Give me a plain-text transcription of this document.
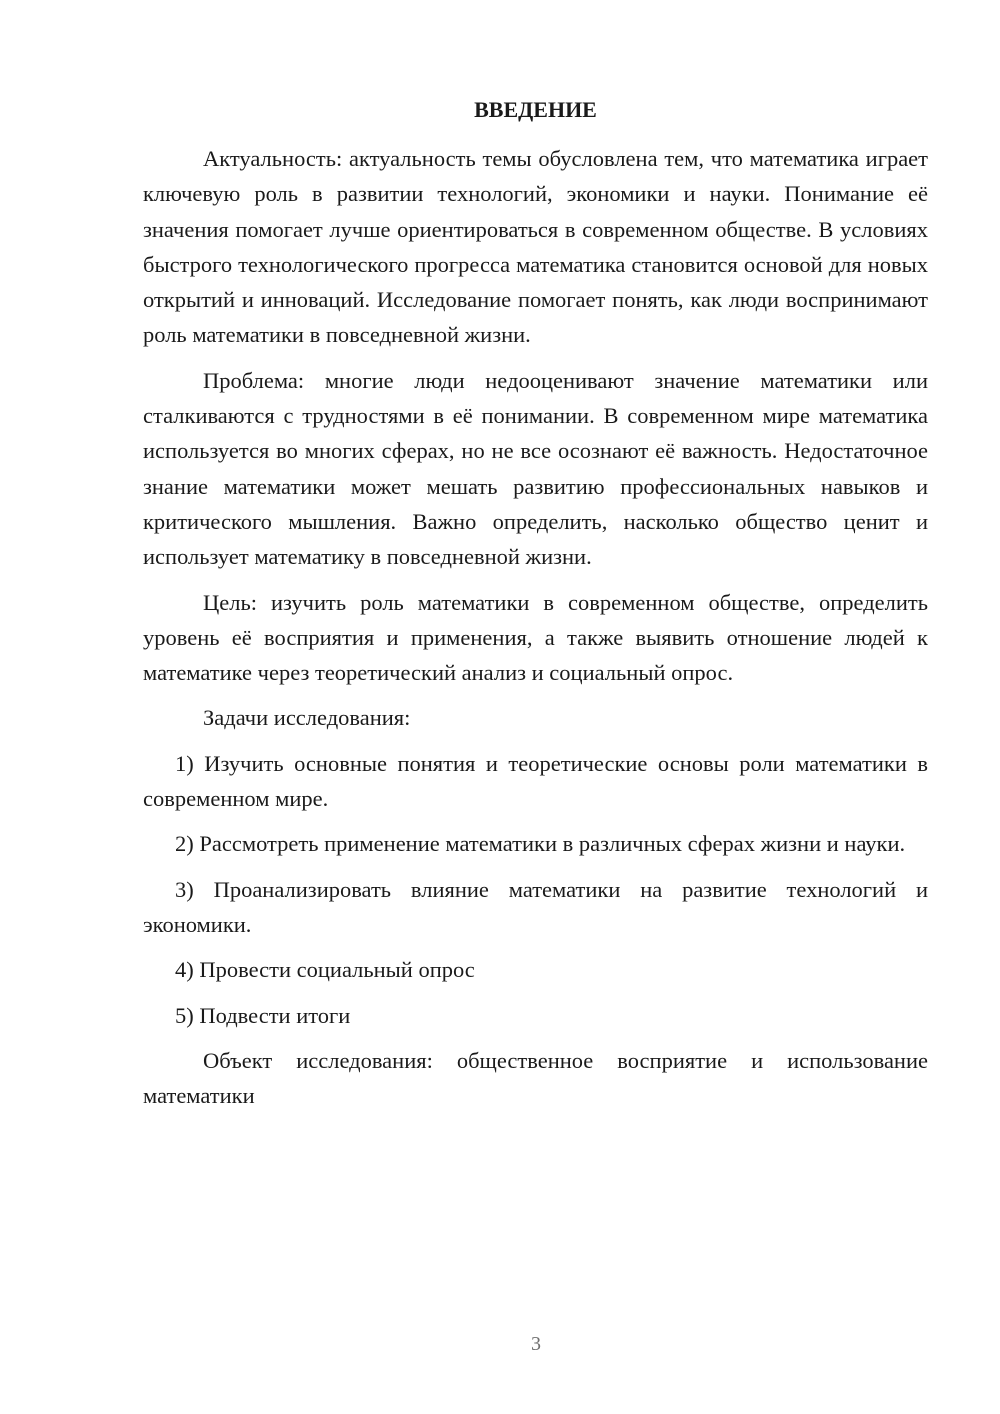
ВВЕДЕНИЕ

Актуальность: актуальность темы обусловлена тем, что математика играет ключевую роль в развитии технологий, экономики и науки. Понимание её значения помогает лучше ориентироваться в современном обществе. В условиях быстрого технологического прогресса математика становится основой для новых открытий и инноваций. Исследование помогает понять, как люди воспринимают роль математики в повседневной жизни.

Проблема: многие люди недооценивают значение математики или сталкиваются с трудностями в её понимании. В современном мире математика используется во многих сферах, но не все осознают её важность. Недостаточное знание математики может мешать развитию профессиональных навыков и критического мышления. Важно определить, насколько общество ценит и использует математику в повседневной жизни.

Цель: изучить роль математики в современном обществе, определить уровень её восприятия и применения, а также выявить отношение людей к математике через теоретический анализ и социальный опрос.

Задачи исследования:

1) Изучить основные понятия и теоретические основы роли математики в современном мире.

2) Рассмотреть применение математики в различных сферах жизни и науки.

3) Проанализировать влияние математики на развитие технологий и экономики.

4) Провести социальный опрос

5) Подвести итоги

Объект исследования: общественное восприятие и использование математики

3
